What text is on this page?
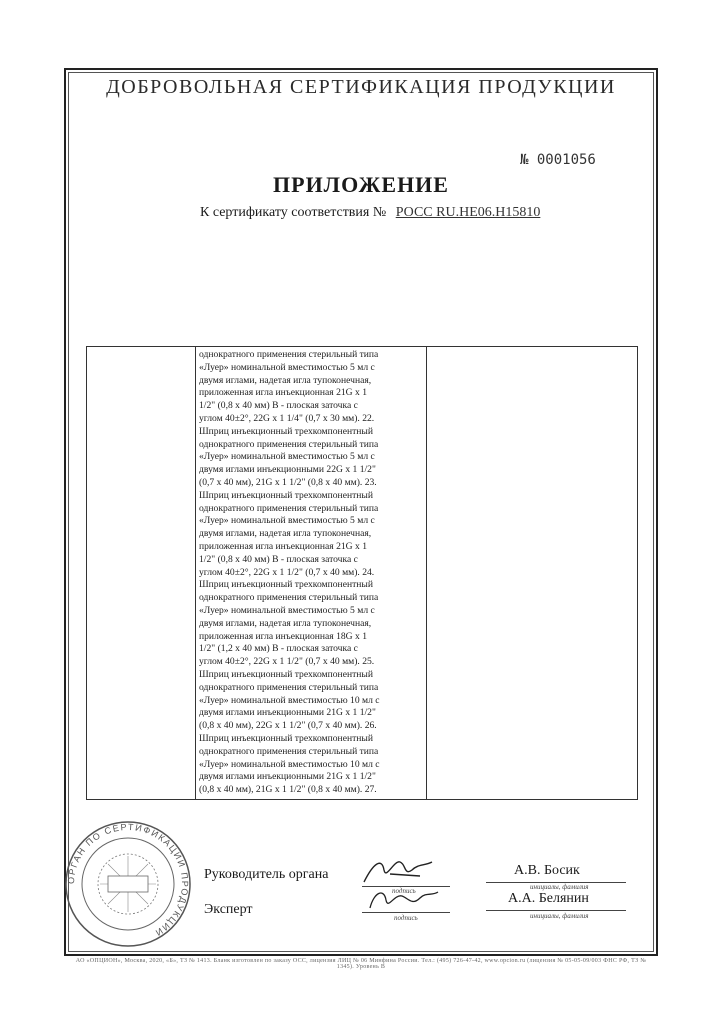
ДОБРОВОЛЬНАЯ СЕРТИФИКАЦИЯ ПРОДУКЦИИ
№ 0001056
ПРИЛОЖЕНИЕ
К сертификату соответствия № РОСС RU.НЕ06.Н15810

однократного применения стерильный типа
«Луер» номинальной вместимостью 5 мл с
двумя иглами, надетая игла тупоконечная,
приложенная игла инъекционная 21G x 1
1/2" (0,8 x 40 мм) В - плоская заточка с
углом 40±2°, 22G x 1 1/4" (0,7 x 30 мм). 22.
Шприц инъекционный трехкомпонентный
однократного применения стерильный типа
«Луер» номинальной вместимостью 5 мл с
двумя иглами инъекционными 22G x 1 1/2"
(0,7 x 40 мм), 21G x 1 1/2" (0,8 x 40 мм). 23.
Шприц инъекционный трехкомпонентный
однократного применения стерильный типа
«Луер» номинальной вместимостью 5 мл с
двумя иглами, надетая игла тупоконечная,
приложенная игла инъекционная 21G x 1
1/2" (0,8 x 40 мм) В - плоская заточка с
углом 40±2°, 22G x 1 1/2" (0,7 x 40 мм). 24.
Шприц инъекционный трехкомпонентный
однократного применения стерильный типа
«Луер» номинальной вместимостью 5 мл с
двумя иглами, надетая игла тупоконечная,
приложенная игла инъекционная 18G x 1
1/2" (1,2 x 40 мм) В - плоская заточка с
углом 40±2°, 22G x 1 1/2" (0,7 x 40 мм). 25.
Шприц инъекционный трехкомпонентный
однократного применения стерильный типа
«Луер» номинальной вместимостью 10 мл с
двумя иглами инъекционными 21G x 1 1/2"
(0,8 x 40 мм), 22G x 1 1/2" (0,7 x 40 мм). 26.
Шприц инъекционный трехкомпонентный
однократного применения стерильный типа
«Луер» номинальной вместимостью 10 мл с
двумя иглами инъекционными 21G x 1 1/2"
(0,8 x 40 мм), 21G x 1 1/2" (0,8 x 40 мм). 27.

ОРГАН ПО СЕРТИФИКАЦИИ ПРОДУКЦИИ
Руководитель органа
подпись
А.В. Босик
инициалы, фамилия
Эксперт
подпись
А.А. Белянин
инициалы, фамилия
АО «ОПЦИОН», Москва, 2020, «Б», ТЗ № 1413. Бланк изготовлен по заказу ОСС, лицензия ЛИЦ № 06 Минфина России. Тел.: (495) 726-47-42, www.opcion.ru (лицензия № 05-05-09/003 ФНС РФ, ТЗ № 1345). Уровень В
